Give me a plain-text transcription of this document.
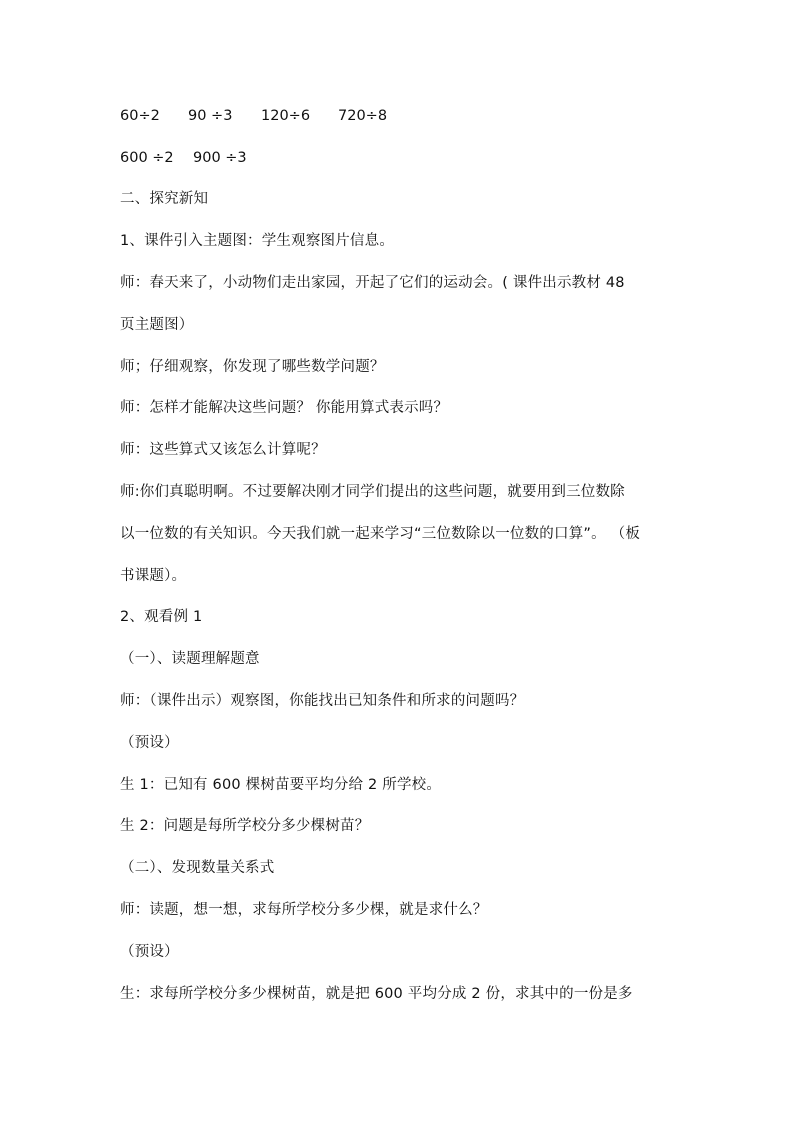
60÷2 90 ÷3 120÷6 720÷8
600 ÷2 900 ÷3
二、探究新知
1、课件引入主题图：学生观察图片信息。
师：春天来了，小动物们走出家园，开起了它们的运动会。( 课件出示教材 48
页主题图）
师；仔细观察，你发现了哪些数学问题？
师：怎样才能解决这些问题？ 你能用算式表示吗？
师：这些算式又该怎么计算呢？
师:你们真聪明啊。不过要解决刚才同学们提出的这些问题，就要用到三位数除
以一位数的有关知识。今天我们就一起来学习“三位数除以一位数的口算”。 （板
书课题）。
2、观看例 1
（一）、读题理解题意
师：（课件出示）观察图，你能找出已知条件和所求的问题吗？
（预设）
生 1：已知有 600 棵树苗要平均分给 2 所学校。
生 2：问题是每所学校分多少棵树苗？
（二）、发现数量关系式
师：读题，想一想，求每所学校分多少棵，就是求什么？
（预设）
生：求每所学校分多少棵树苗，就是把 600 平均分成 2 份，求其中的一份是多
